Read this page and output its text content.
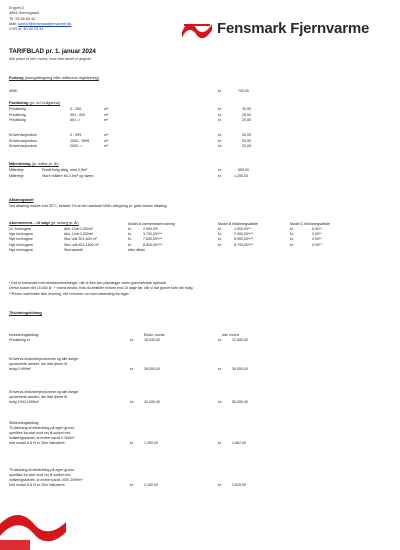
Engvej 4
4684 Holmegaard
Tlf. 55 56 66 42
Mail: kontor@fensmarkfjernvarme.dk
CVR nr. 40 40 23 14	Fensmark Fjernvarme
TARIFBLAD pr. 1. januar 2024
Alle priser er inkl. moms, hvor intet andet er angivet
Forbrug (energiafregning efter målerens registrering)
MWh	kr.	700,00
Fastbidrag (pr. m2 boligareal)
Privatbolig	0 - 300	m²	kr.	30,00
Privatbolig	301 - 600	m²	kr.	25,00
Privatbolig	601 ->	m²	kr.	20,00
Erhvervsejendom	0 - 999	m²	kr.	30,00
Erhvervsejendom	1000 - 1999	m²	kr.	25,00
Erhvervsejendom	2000 ->	m²	kr.	20,00
Målerbidrag (pr. måler pr. år)
Målerleje	Privat bolig tilslg. med 2,5m³	kr.	650,00
Målerleje	Store målere fra 2,5m³ og større.	kr.	1.250,00
Afkølingstarif
Ved afkøling mindre end 30°C, betales 1% af den samlede MWh-afregning pr. grad mindre afkøling.
Abonnement – til valgt (pr. anlæg pr. år)	Model A varmemesterordning	Model B tilslutningsaftale	Model C tilslutningsaftale
Gl. forbrugere	Alm. Unit 0-300m²	kr.	2.900,00*	kr.	1.900,00**	kr.	0,00**
Nye forbrugere	Alm. Unit 0-300m²	kr.	3.700,00*/**	kr.	2.900,00*/**	kr.	0,00**
Nye forbrugere	Stor unit 301-600 m²	kr.	7.500,00*/**	kr.	5.900,00*/**	kr.	0,00**
Nye forbrugere	Stor unit 601-1600 m²	kr.	8.500,00*/**	kr.	6.700,00*/**	kr.	0,00**
Nye forbrugere	Stornøranlb	efter aftale
* Det er forbundet med ekstraomkostninger, når vi ikke kan planlægge vores gravearbejde optimalt.
Derfor koster det 15.000 kr. + moms ekstra, hvis du bestiller mindre end 10 dage før, når vi har gravet forbi din bolig.
**Prisen indeholder ikke levering, når vi leverer ud mod udveksling fra lager.
Tilslutningsbidrag
Ekskl. moms	inkl. moms
Investeringsbidrag:
Privatbolig er	kr.	18.000,00	kr.	22.500,00
Erhvervs-/industriejendomme og alle øvrige
opvarmede arealer, der ikke tjener til
bolig 0-999m²	kr.	28.000,00	kr.	35.000,00
Erhvervs-/industriejendomme og alle øvrige
opvarmede arealer, der ikke tjener til
bolig 1000-1999m²	kr.	40.000,00	kr.	50.000,00
Stikledningsbidrag:
Til dækning af stikledning på egen grund,
opmåles fra skel mod vej til sokkel ved
indføringsstedet, kr./meter kanal 0-300m²
Ved model A & B er 20m inkluderet.	kr.	1.250,00	kr.	1.562,50
Til dækning af stikledning på egen grund,
opmåles fra skel mod vej til sokkel ved
indføringsstedet, kr./meter kanal 1000-1999m²
Ved model A & B er 20m inkluderet.	kr.	2.100,00	kr.	2.625,00
